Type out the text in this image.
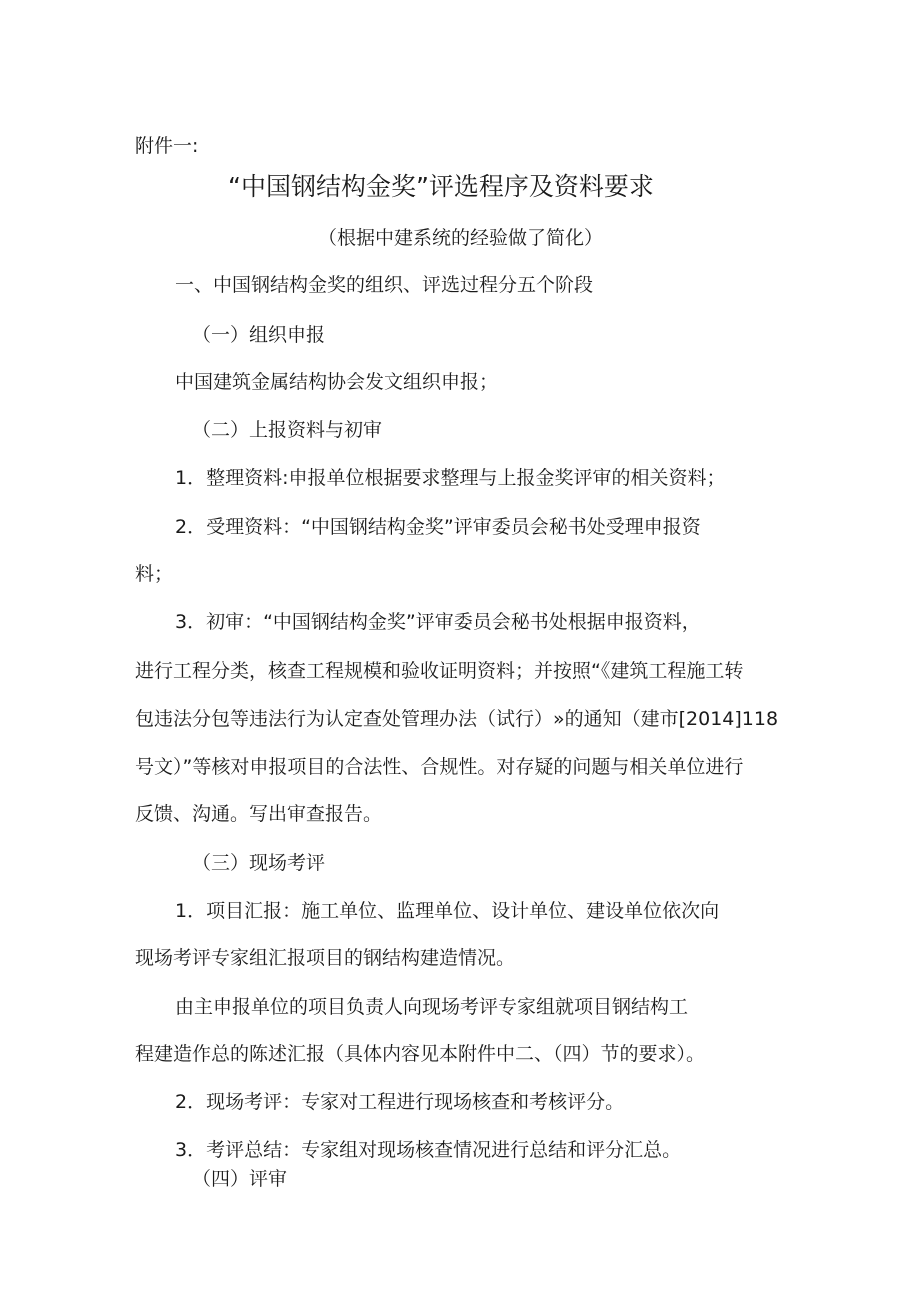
附件一:
“中国钢结构金奖”评选程序及资料要求
（根据中建系统的经验做了简化）
一、中国钢结构金奖的组织、评选过程分五个阶段
（一）组织申报
中国建筑金属结构协会发文组织申报；
（二）上报资料与初审
1．整理资料:申报单位根据要求整理与上报金奖评审的相关资料；
2．受理资料：“中国钢结构金奖”评审委员会秘书处受理申报资
料；
3．初审：“中国钢结构金奖”评审委员会秘书处根据申报资料，
进行工程分类，核查工程规模和验收证明资料；并按照“《建筑工程施工转
包违法分包等违法行为认定查处管理办法（试行）»的通知（建市[2014]118
号文）”等核对申报项目的合法性、合规性。对存疑的问题与相关单位进行
反馈、沟通。写出审查报告。
（三）现场考评
1．项目汇报：施工单位、监理单位、设计单位、建设单位依次向
现场考评专家组汇报项目的钢结构建造情况。
由主申报单位的项目负责人向现场考评专家组就项目钢结构工
程建造作总的陈述汇报（具体内容见本附件中二、（四）节的要求）。
2．现场考评：专家对工程进行现场核查和考核评分。
3．考评总结：专家组对现场核查情况进行总结和评分汇总。
（四）评审
